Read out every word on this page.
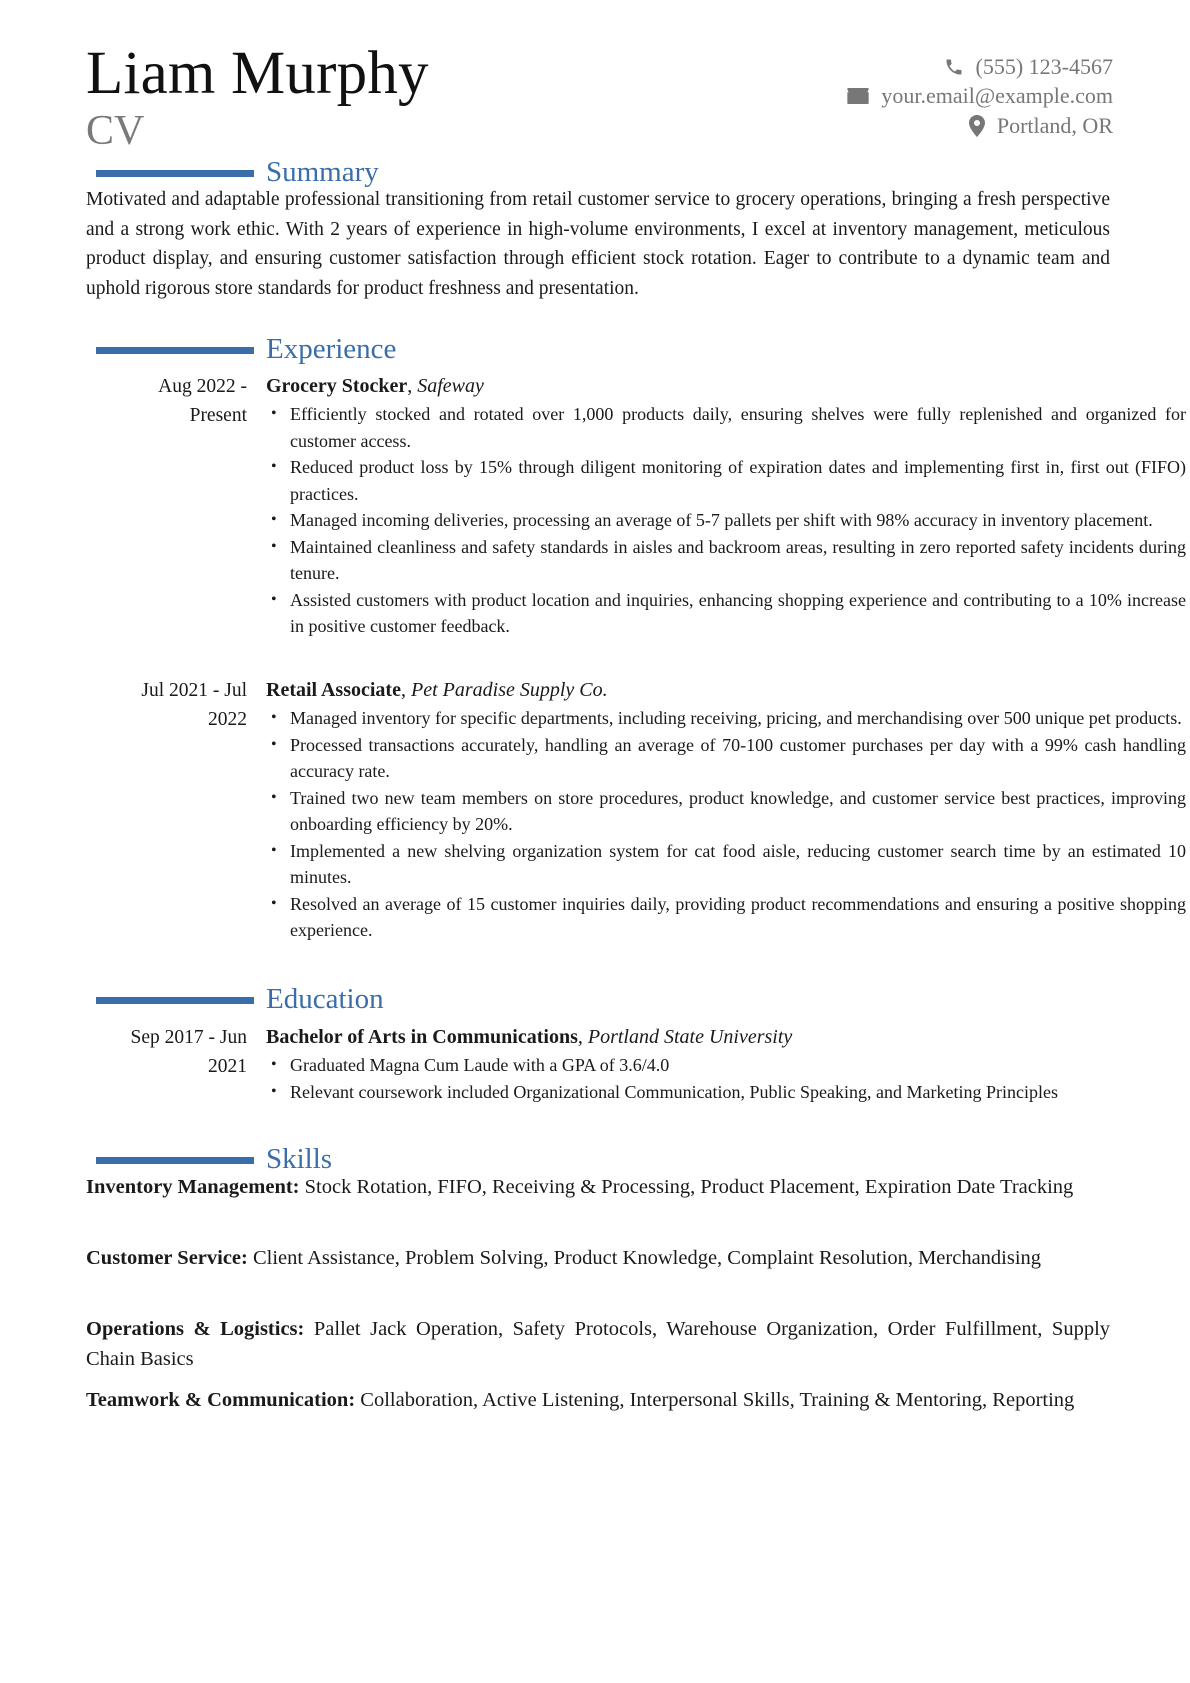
Liam Murphy
CV
(555) 123-4567
your.email@example.com
Portland, OR
Summary
Motivated and adaptable professional transitioning from retail customer service to grocery operations, bringing a fresh perspective and a strong work ethic. With 2 years of experience in high-volume environments, I excel at inventory management, meticulous product display, and ensuring customer satisfaction through efficient stock rotation. Eager to contribute to a dynamic team and uphold rigorous store standards for product freshness and presentation.
Experience
Aug 2022 -
Present
Grocery Stocker, Safeway
• Efficiently stocked and rotated over 1,000 products daily, ensuring shelves were fully replenished and organized for customer access.
• Reduced product loss by 15% through diligent monitoring of expiration dates and implementing first in, first out (FIFO) practices.
• Managed incoming deliveries, processing an average of 5-7 pallets per shift with 98% accuracy in inventory placement.
• Maintained cleanliness and safety standards in aisles and backroom areas, resulting in zero reported safety incidents during tenure.
• Assisted customers with product location and inquiries, enhancing shopping experience and contributing to a 10% increase in positive customer feedback.
Jul 2021 - Jul
2022
Retail Associate, Pet Paradise Supply Co.
• Managed inventory for specific departments, including receiving, pricing, and merchandising over 500 unique pet products.
• Processed transactions accurately, handling an average of 70-100 customer purchases per day with a 99% cash handling accuracy rate.
• Trained two new team members on store procedures, product knowledge, and customer service best practices, improving onboarding efficiency by 20%.
• Implemented a new shelving organization system for cat food aisle, reducing customer search time by an estimated 10 minutes.
• Resolved an average of 15 customer inquiries daily, providing product recommendations and ensuring a positive shopping experience.
Education
Sep 2017 - Jun
2021
Bachelor of Arts in Communications, Portland State University
• Graduated Magna Cum Laude with a GPA of 3.6/4.0
• Relevant coursework included Organizational Communication, Public Speaking, and Marketing Principles
Skills
Inventory Management: Stock Rotation, FIFO, Receiving & Processing, Product Placement, Expiration Date Tracking
Customer Service: Client Assistance, Problem Solving, Product Knowledge, Complaint Resolution, Merchandising
Operations & Logistics: Pallet Jack Operation, Safety Protocols, Warehouse Organization, Order Fulfillment, Supply Chain Basics
Teamwork & Communication: Collaboration, Active Listening, Interpersonal Skills, Training & Mentoring, Reporting
